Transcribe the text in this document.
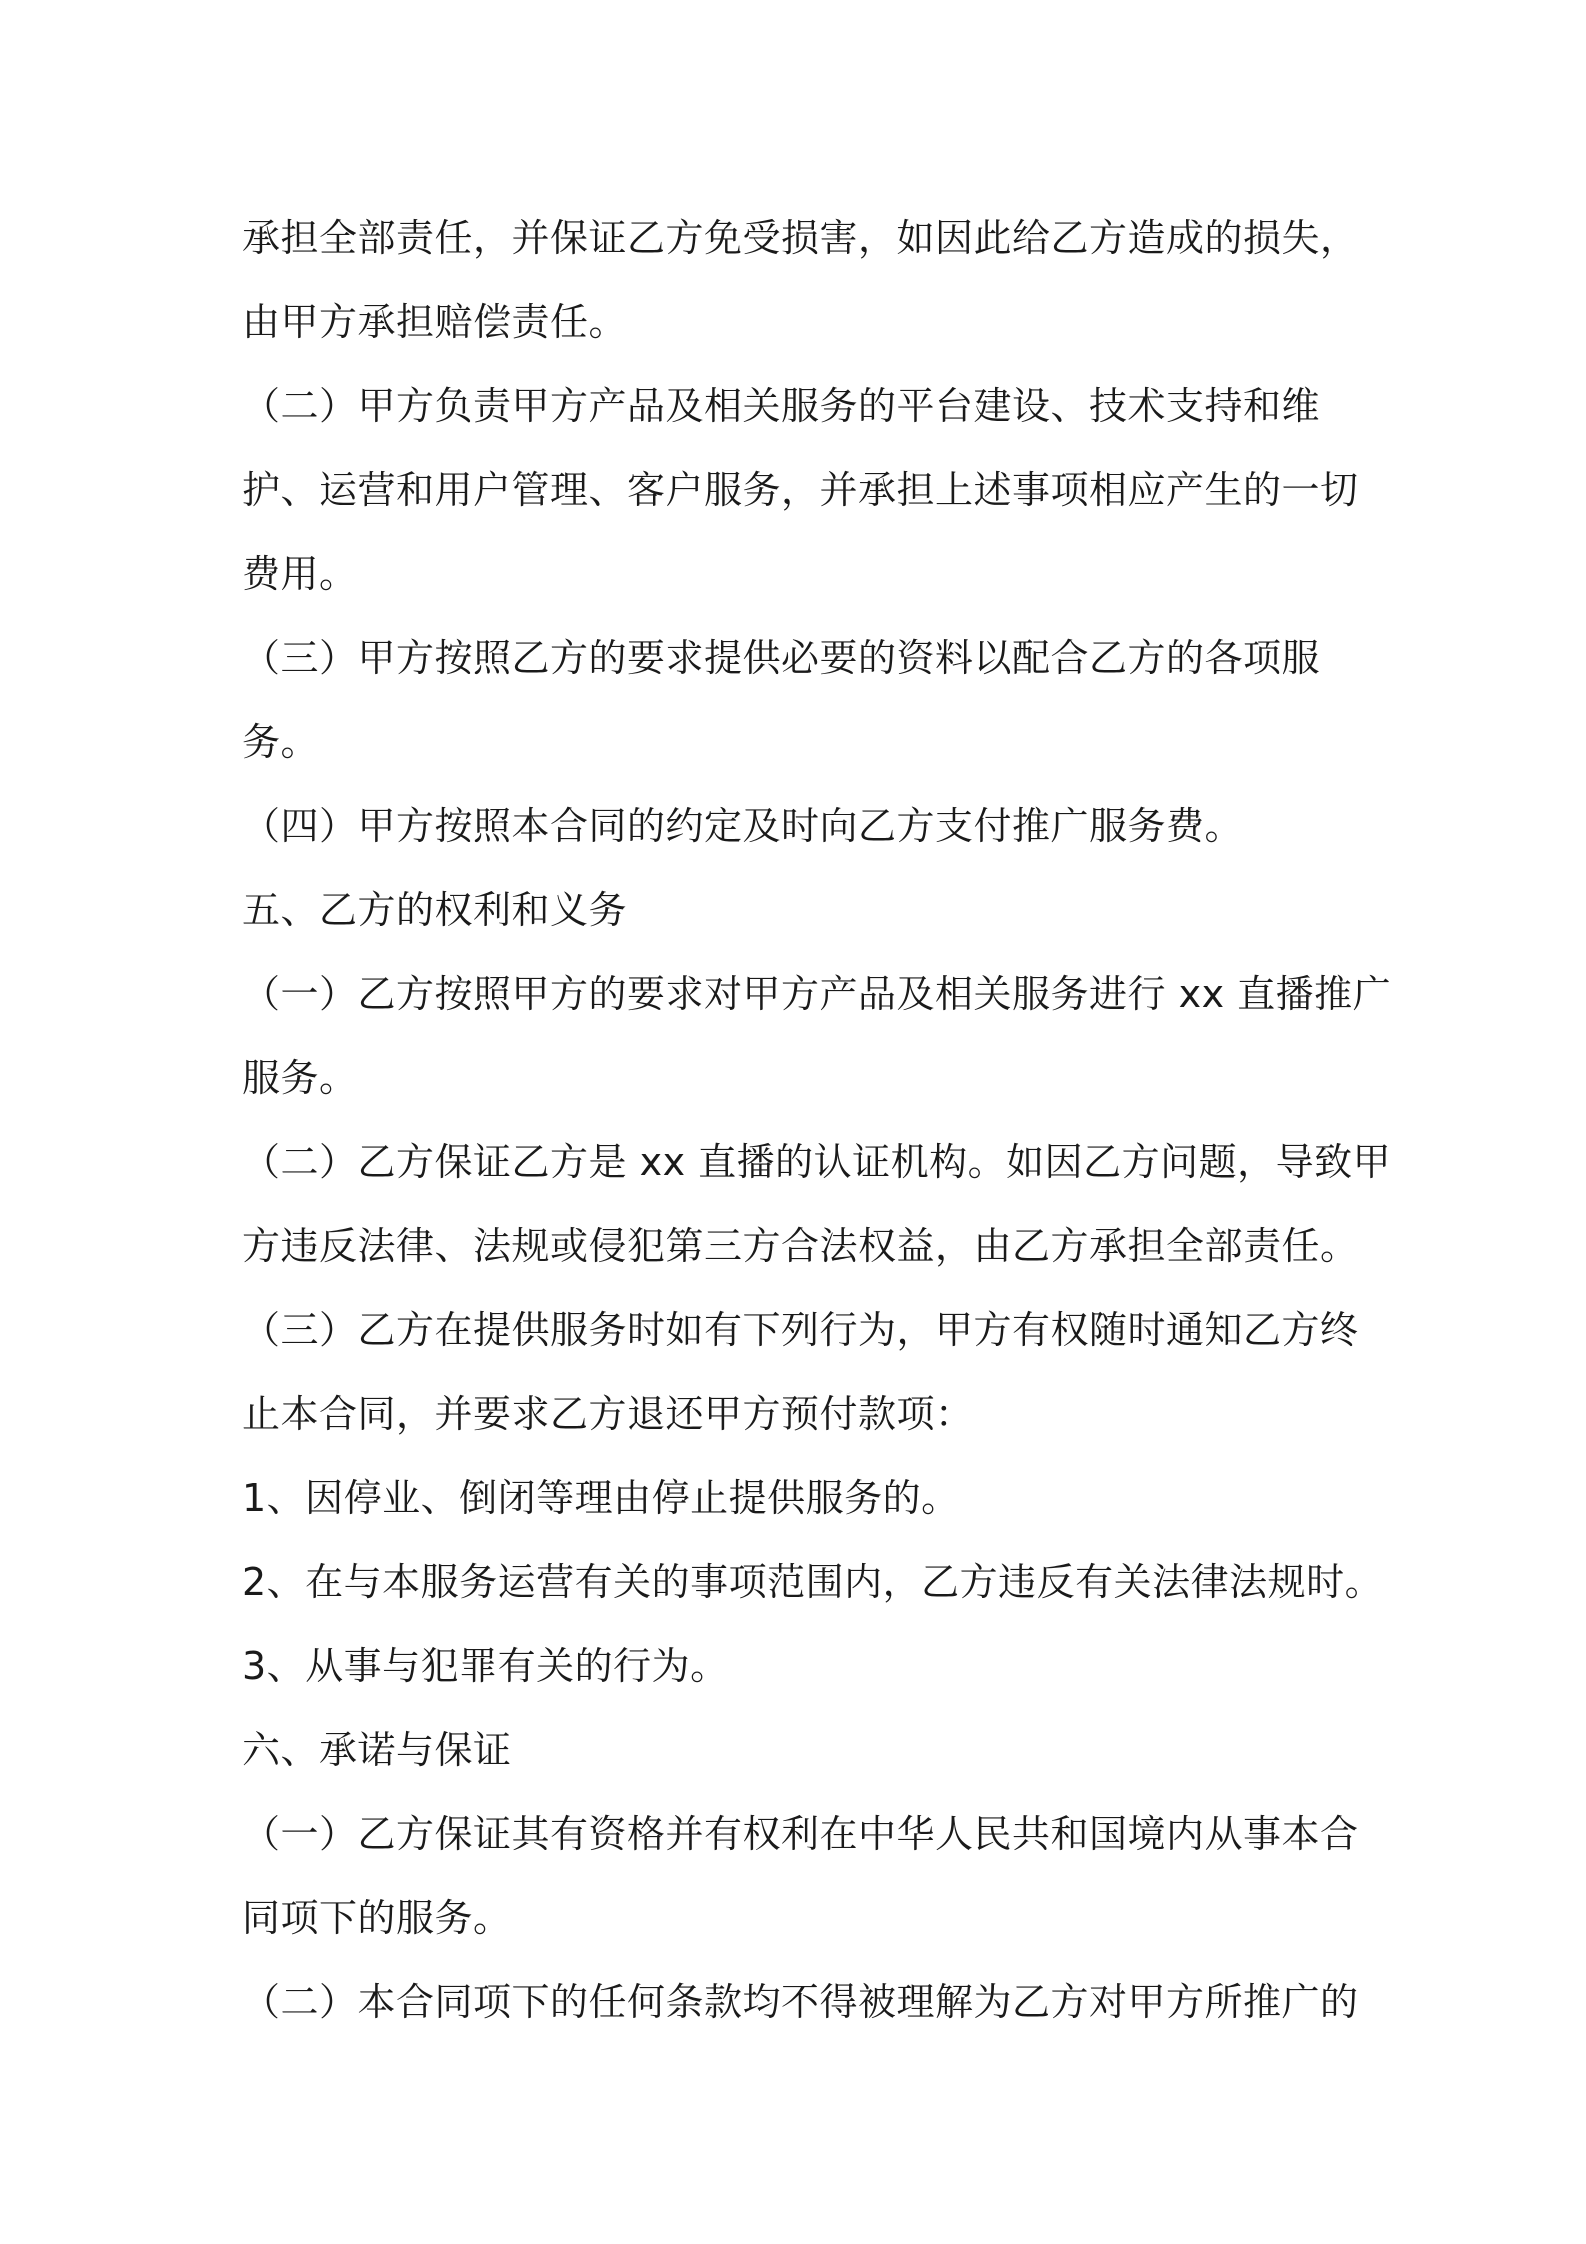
承担全部责任，并保证乙方免受损害，如因此给乙方造成的损失，
由甲方承担赔偿责任。
（二）甲方负责甲方产品及相关服务的平台建设、技术支持和维
护、运营和用户管理、客户服务，并承担上述事项相应产生的一切
费用。
（三）甲方按照乙方的要求提供必要的资料以配合乙方的各项服
务。
（四）甲方按照本合同的约定及时向乙方支付推广服务费。
五、乙方的权利和义务
（一）乙方按照甲方的要求对甲方产品及相关服务进行 xx 直播推广
服务。
（二）乙方保证乙方是 xx 直播的认证机构。如因乙方问题，导致甲
方违反法律、法规或侵犯第三方合法权益，由乙方承担全部责任。
（三）乙方在提供服务时如有下列行为，甲方有权随时通知乙方终
止本合同，并要求乙方退还甲方预付款项：
1、因停业、倒闭等理由停止提供服务的。
2、在与本服务运营有关的事项范围内，乙方违反有关法律法规时。
3、从事与犯罪有关的行为。
六、承诺与保证
（一）乙方保证其有资格并有权利在中华人民共和国境内从事本合
同项下的服务。
（二）本合同项下的任何条款均不得被理解为乙方对甲方所推广的
